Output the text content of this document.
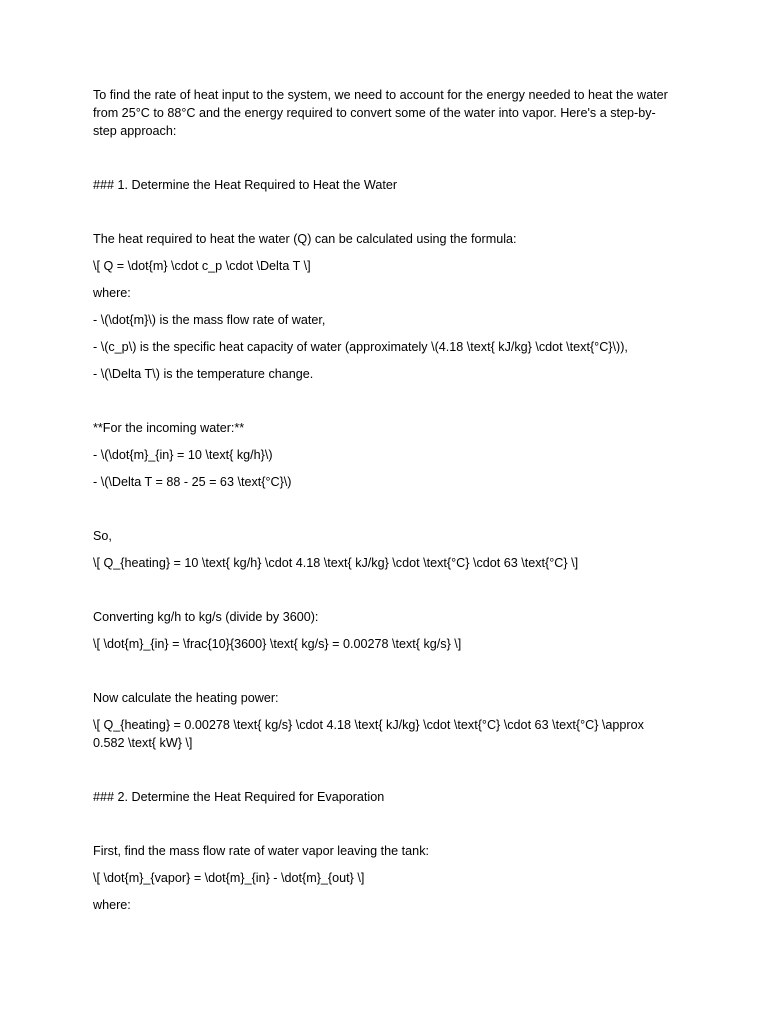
To find the rate of heat input to the system, we need to account for the energy needed to heat the water from 25°C to 88°C and the energy required to convert some of the water into vapor. Here's a step-by-step approach:

### 1. Determine the Heat Required to Heat the Water

The heat required to heat the water (Q) can be calculated using the formula:

\[ Q = \dot{m} \cdot c_p \cdot \Delta T \]

where:

- \(\dot{m}\) is the mass flow rate of water,

- \(c_p\) is the specific heat capacity of water (approximately \(4.18 \text{ kJ/kg} \cdot \text{°C}\)),

- \(\Delta T\) is the temperature change.

**For the incoming water:**

- \(\dot{m}_{in} = 10 \text{ kg/h}\)

- \(\Delta T = 88 - 25 = 63 \text{°C}\)

So,

\[ Q_{heating} = 10 \text{ kg/h} \cdot 4.18 \text{ kJ/kg} \cdot \text{°C} \cdot 63 \text{°C} \]

Converting kg/h to kg/s (divide by 3600):

\[ \dot{m}_{in} = \frac{10}{3600} \text{ kg/s} = 0.00278 \text{ kg/s} \]

Now calculate the heating power:

\[ Q_{heating} = 0.00278 \text{ kg/s} \cdot 4.18 \text{ kJ/kg} \cdot \text{°C} \cdot 63 \text{°C} \approx 0.582 \text{ kW} \]

### 2. Determine the Heat Required for Evaporation

First, find the mass flow rate of water vapor leaving the tank:

\[ \dot{m}_{vapor} = \dot{m}_{in} - \dot{m}_{out} \]

where:
